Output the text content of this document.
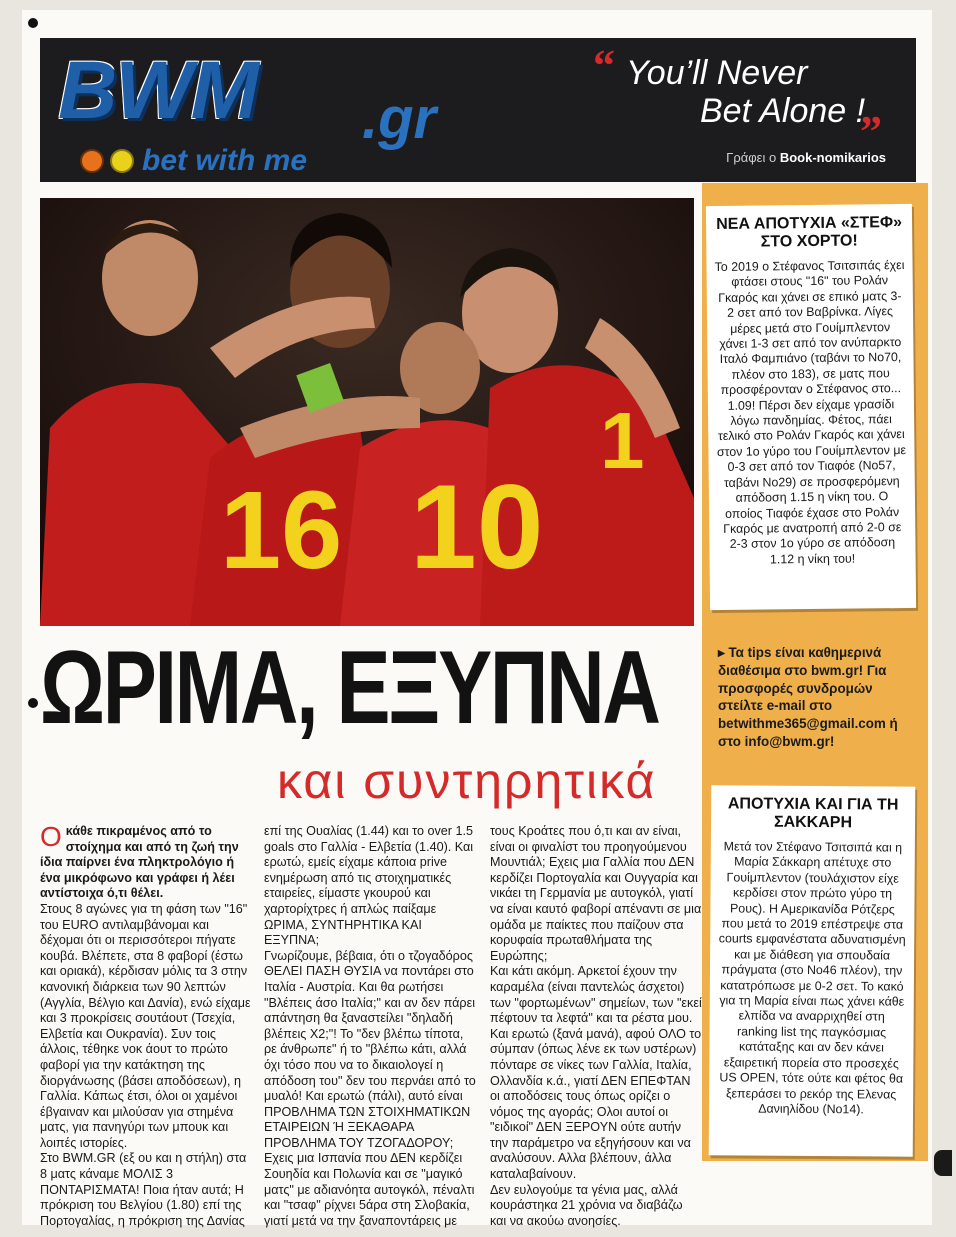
BWM .gr
bet with me
“ You’ll Never
Bet Alone !
”
Γράφει ο Book-nomikarios
16 10
1
ΩΡΙΜΑ, ΕΞΥΠΝΑ
και συντηρητικά
O κάθε πικραμένος από το στοίχημα και από τη ζωή την ίδια παίρνει ένα πληκτρολόγιο ή ένα μικρόφωνο και γράφει ή λέει αντίστοιχα ό,τι θέλει.

Στους 8 αγώνες για τη φάση των "16" του EURO αντιλαμβάνομαι και δέχομαι ότι οι περισσότεροι πήγατε κουβά. Βλέπετε, στα 8 φαβορί (έστω και οριακά), κέρδισαν μόλις τα 3 στην κανονική διάρκεια των 90 λεπτών (Αγγλία, Βέλγιο και Δανία), ενώ είχαμε και 3 προκρίσεις σουτάουτ (Τσεχία, Ελβετία και Ουκρανία). Συν τοις άλλοις, τέθηκε νοκ άουτ το πρώτο φαβορί για την κατάκτηση της διοργάνωσης (βάσει αποδόσεων), η Γαλλία. Κάπως έτσι, όλοι οι χαμένοι έβγαιναν και μιλούσαν για στημένα ματς, για πανηγύρι των μπουκ και λοιπές ιστορίες.
Στο BWM.GR (εξ ου και η στήλη) στα 8 ματς κάναμε ΜΟΛΙΣ 3 ΠΟΝΤΑΡΙΣΜΑΤΑ! Ποια ήταν αυτά; Η πρόκριση του Βελγίου (1.80) επί της Πορτογαλίας, η πρόκριση της Δανίας

επί της Ουαλίας (1.44) και το over 1.5 goals στο Γαλλία - Ελβετία (1.40). Και ερωτώ, εμείς είχαμε κάποια prive ενημέρωση από τις στοιχηματικές εταιρείες, είμαστε γκουρού και χαρτορίχτρες ή απλώς παίξαμε ΩΡΙΜΑ, ΣΥΝΤΗΡΗΤΙΚΑ ΚΑΙ ΕΞΥΠΝΑ;
Γνωρίζουμε, βέβαια, ότι ο τζογαδόρος ΘΕΛΕΙ ΠΑΣΗ ΘΥΣΙΑ να ποντάρει στο Ιταλία - Αυστρία. Και θα ρωτήσει "Βλέπεις άσο Ιταλία;" και αν δεν πάρει απάντηση θα ξαναστείλει "δηλαδή βλέπεις Χ2;"! Το "δεν βλέπω τίποτα, ρε άνθρωπε" ή το "βλέπω κάτι, αλλά όχι τόσο που να το δικαιολογεί η απόδοση του" δεν του περνάει από το μυαλό! Και ερωτώ (πάλι), αυτό είναι ΠΡΟΒΛΗΜΑ ΤΩΝ ΣΤΟΙΧΗΜΑΤΙΚΩΝ ΕΤΑΙΡΕΙΩΝ Ή ΞΕΚΑΘΑΡΑ ΠΡΟΒΛΗΜΑ ΤΟΥ ΤΖΟΓΑΔΟΡΟΥ;
Εχεις μια Ισπανία που ΔΕΝ κερδίζει Σουηδία και Πολωνία και σε "μαγικό ματς" με αδιανόητα αυτογκόλ, πέναλτι και "τσαφ" ρίχνει 5άρα στη Σλοβακία, γιατί μετά να την ξαναποντάρεις με

τους Κροάτες που ό,τι και αν είναι, είναι οι φιναλίστ του προηγούμενου Μουντιάλ; Εχεις μια Γαλλία που ΔΕΝ κερδίζει Πορτογαλία και Ουγγαρία και νικάει τη Γερμανία με αυτογκόλ, γιατί να είναι καυτό φαβορί απέναντι σε μια ομάδα με παίκτες που παίζουν στα κορυφαία πρωταθλήματα της Ευρώπης;
Και κάτι ακόμη. Αρκετοί έχουν την καραμέλα (είναι παντελώς άσχετοι) των "φορτωμένων" σημείων, των "εκεί πέφτουν τα λεφτά" και τα ρέστα μου. Και ερωτώ (ξανά μανά), αφού ΟΛΟ το σύμπαν (όπως λένε εκ των υστέρων) πόνταρε σε νίκες των Γαλλία, Ιταλία, Ολλανδία κ.ά., γιατί ΔΕΝ ΕΠΕΦΤΑΝ οι αποδόσεις τους όπως ορίζει ο νόμος της αγοράς; Ολοι αυτοί οι "ειδικοί" ΔΕΝ ΞΕΡΟΥΝ ούτε αυτήν την παράμετρο να εξηγήσουν και να αναλύσουν. Αλλα βλέπουν, άλλα καταλαβαίνουν.
Δεν ευλογούμε τα γένια μας, αλλά κουράστηκα 21 χρόνια να διαβάζω και να ακούω ανοησίες.

ΝΕΑ ΑΠΟΤΥΧΙΑ «ΣΤΕΦ» ΣΤΟ ΧΟΡΤΟ!
Το 2019 ο Στέφανος Τσιτσιπάς έχει φτάσει στους "16" του Ρολάν Γκαρός και χάνει σε επικό ματς 3-2 σετ από τον Βαβρίνκα. Λίγες μέρες μετά στο Γουίμπλεντον χάνει 1-3 σετ από τον ανύπαρκτο Ιταλό Φαμπιάνο (ταβάνι το Νο70, πλέον στο 183), σε ματς που προσφέρονταν ο Στέφανος στο... 1.09! Πέρσι δεν είχαμε γρασίδι λόγω πανδημίας. Φέτος, πάει τελικό στο Ρολάν Γκαρός και χάνει στον 1ο γύρο του Γουίμπλεντον με 0-3 σετ από τον Τιαφόε (Νο57, ταβάνι Νο29) σε προσφερόμενη απόδοση 1.15 η νίκη του. Ο οποίος Τιαφόε έχασε στο Ρολάν Γκαρός με ανατροπή από 2-0 σε 2-3 στον 1ο γύρο σε απόδοση 1.12 η νίκη του!
▸ Τα tips είναι καθημερινά διαθέσιμα στο bwm.gr! Για προσφορές συνδρομών στείλτε e-mail στο betwithme365@gmail.com ή στο info@bwm.gr!
ΑΠΟΤΥΧΙΑ ΚΑΙ ΓΙΑ ΤΗ ΣΑΚΚΑΡΗ
Μετά τον Στέφανο Τσιτσιπά και η Μαρία Σάκκαρη απέτυχε στο Γουίμπλεντον (τουλάχιστον είχε κερδίσει στον πρώτο γύρο τη Ρους). Η Αμερικανίδα Ρότζερς που μετά το 2019 επέστρεψε στα courts εμφανέστατα αδυνατισμένη και με διάθεση για σπουδαία πράγματα (στο Νο46 πλέον), την κατατρόπωσε με 0-2 σετ. Το κακό για τη Μαρία είναι πως χάνει κάθε ελπίδα να αναρριχηθεί στη ranking list της παγκόσμιας κατάταξης και αν δεν κάνει εξαιρετική πορεία στο προσεχές US OPEN, τότε ούτε και φέτος θα ξεπεράσει το ρεκόρ της Ελενας Δανιηλίδου (Νο14).
